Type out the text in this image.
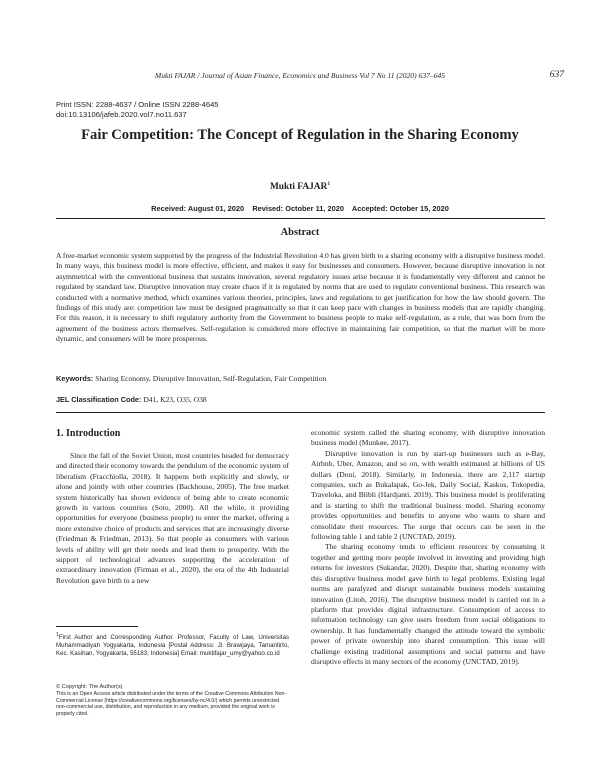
Mukti FAJAR / Journal of Asian Finance, Economics and Business Vol 7 No 11 (2020) 637–645	637
Print ISSN: 2288-4637 / Online ISSN 2288-4645
doi:10.13106/jafeb.2020.vol7.no11.637
Fair Competition: The Concept of Regulation in the Sharing Economy
Mukti FAJAR$^1$
Received: August 01, 2020    Revised: October 11, 2020    Accepted: October 15, 2020
Abstract
A free-market economic system supported by the progress of the Industrial Revolution 4.0 has given birth to a sharing economy with a disruptive business model. In many ways, this business model is more effective, efficient, and makes it easy for businesses and consumers. However, because disruptive innovation is not asymmetrical with the conventional business that sustains innovation, several regulatory issues arise because it is fundamentally very different and cannot be regulated by standard law. Disruptive innovation may create chaos if it is regulated by norms that are used to regulate conventional business. This research was conducted with a normative method, which examines various theories, principles, laws and regulations to get justification for how the law should govern. The findings of this study are: competition law must be designed pragmatically so that it can keep pace with changes in business models that are rapidly changing. For this reason, it is necessary to shift regulatory authority from the Government to business people to make self-regulation, as a rule, that was born from the agreement of the business actors themselves. Self-regulation is considered more effective in maintaining fair competition, so that the market will be more dynamic, and consumers will be more prosperous.
Keywords: Sharing Economy, Disruptive Innovation, Self-Regulation, Fair Competition
JEL Classification Code: D41, K23, O35, O38
1. Introduction

Since the fall of the Soviet Union, most countries headed for democracy and directed their economy towards the pendulum of the economic system of liberalism (Fracchiolla, 2018). It happens both explicitly and slowly, or alone and jointly with other countries (Backhouse, 2005). The free market system historically has shown evidence of being able to create economic growth in various countries (Soto, 2000). All the while, it providing opportunities for everyone (business people) to enter the market, offering a more extensive choice of products and services that are increasingly diverse (Friedman & Friedman, 2013). So that people as consumers with various levels of ability will get their needs and lead them to prosperity. With the support of technological advances supporting the acceleration of extraordinary innovation (Firman et al., 2020), the era of the 4th Industrial Revolution gave birth to a new

economic system called the sharing economy, with disruptive innovation business model (Munkøe, 2017).

Disruptive innovation is run by start-up businesses such as e-Bay, Airbnb, Uber, Amazon, and so on, with wealth estimated at billions of US dollars (Doni, 2018). Similarly, in Indonesia, there are 2,117 startup companies, such as Bukalapak, Go-Jek, Daily Social, Kaskus, Tokopedia, Traveloka, and Blibli (Hardjanti, 2019). This business model is proliferating and is starting to shift the traditional business model. Sharing economy provides opportunities and benefits to anyone who wants to share and consolidate their resources. The surge that occurs can be seen in the following table 1 and table 2 (UNCTAD, 2019).

The sharing economy tends to efficient resources by consuming it together and getting more people involved in investing and providing high returns for investors (Sukandar, 2020). Despite that, sharing economy with this disruptive business model gave birth to legal problems. Existing legal norms are paralyzed and disrupt sustainable business models sustaining innovation (Litoh, 2016). The disruptive business model is carried out in a platform that provides digital infrastructure. Consumption of access to information technology can give users freedom from social obligations to ownership. It has fundamentally changed the attitude toward the symbolic power of private ownership into shared consumption. This issue will challenge existing traditional assumptions and social patterns and have disruptive effects in many sectors of the economy (UNCTAD, 2019).

$^1$First Author and Corresponding Author. Professor, Faculty of Law, Universitas Muhammadiyah Yogyakarta, Indonesia [Postal Address: Jl. Brawijaya, Tamantirto, Kec. Kasihan, Yogyakarta, 55183, Indonesia] Email: muktifajar_umy@yahoo.co.id
© Copyright: The Author(s)
This is an Open Access article distributed under the terms of the Creative Commons Attribution Non-Commercial License (https://creativecommons.org/licenses/by-nc/4.0/) which permits unrestricted non-commercial use, distribution, and reproduction in any medium, provided the original work is properly cited.
